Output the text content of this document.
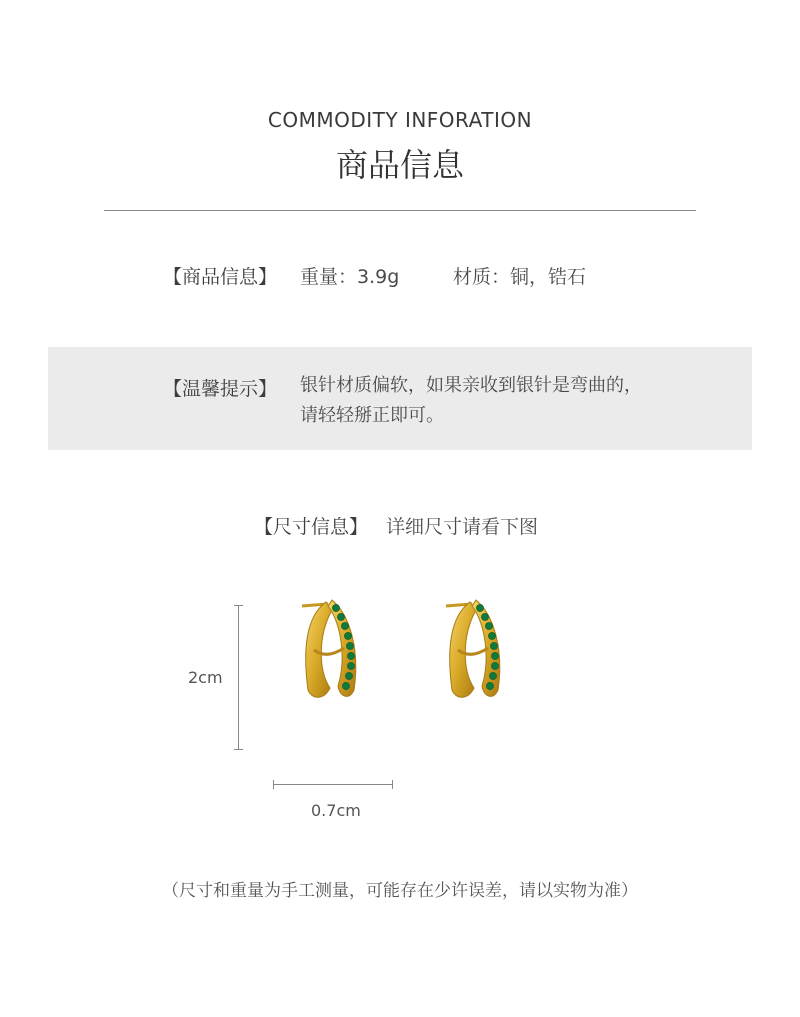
COMMODITY INFORATION
商品信息
【商品信息】 重量：3.9g	材质：铜，锆石
【温馨提示】 银针材质偏软，如果亲收到银针是弯曲的，
请轻轻掰正即可。
【尺寸信息】 详细尺寸请看下图
2cm
0.7cm
（尺寸和重量为手工测量，可能存在少许误差，请以实物为准）
